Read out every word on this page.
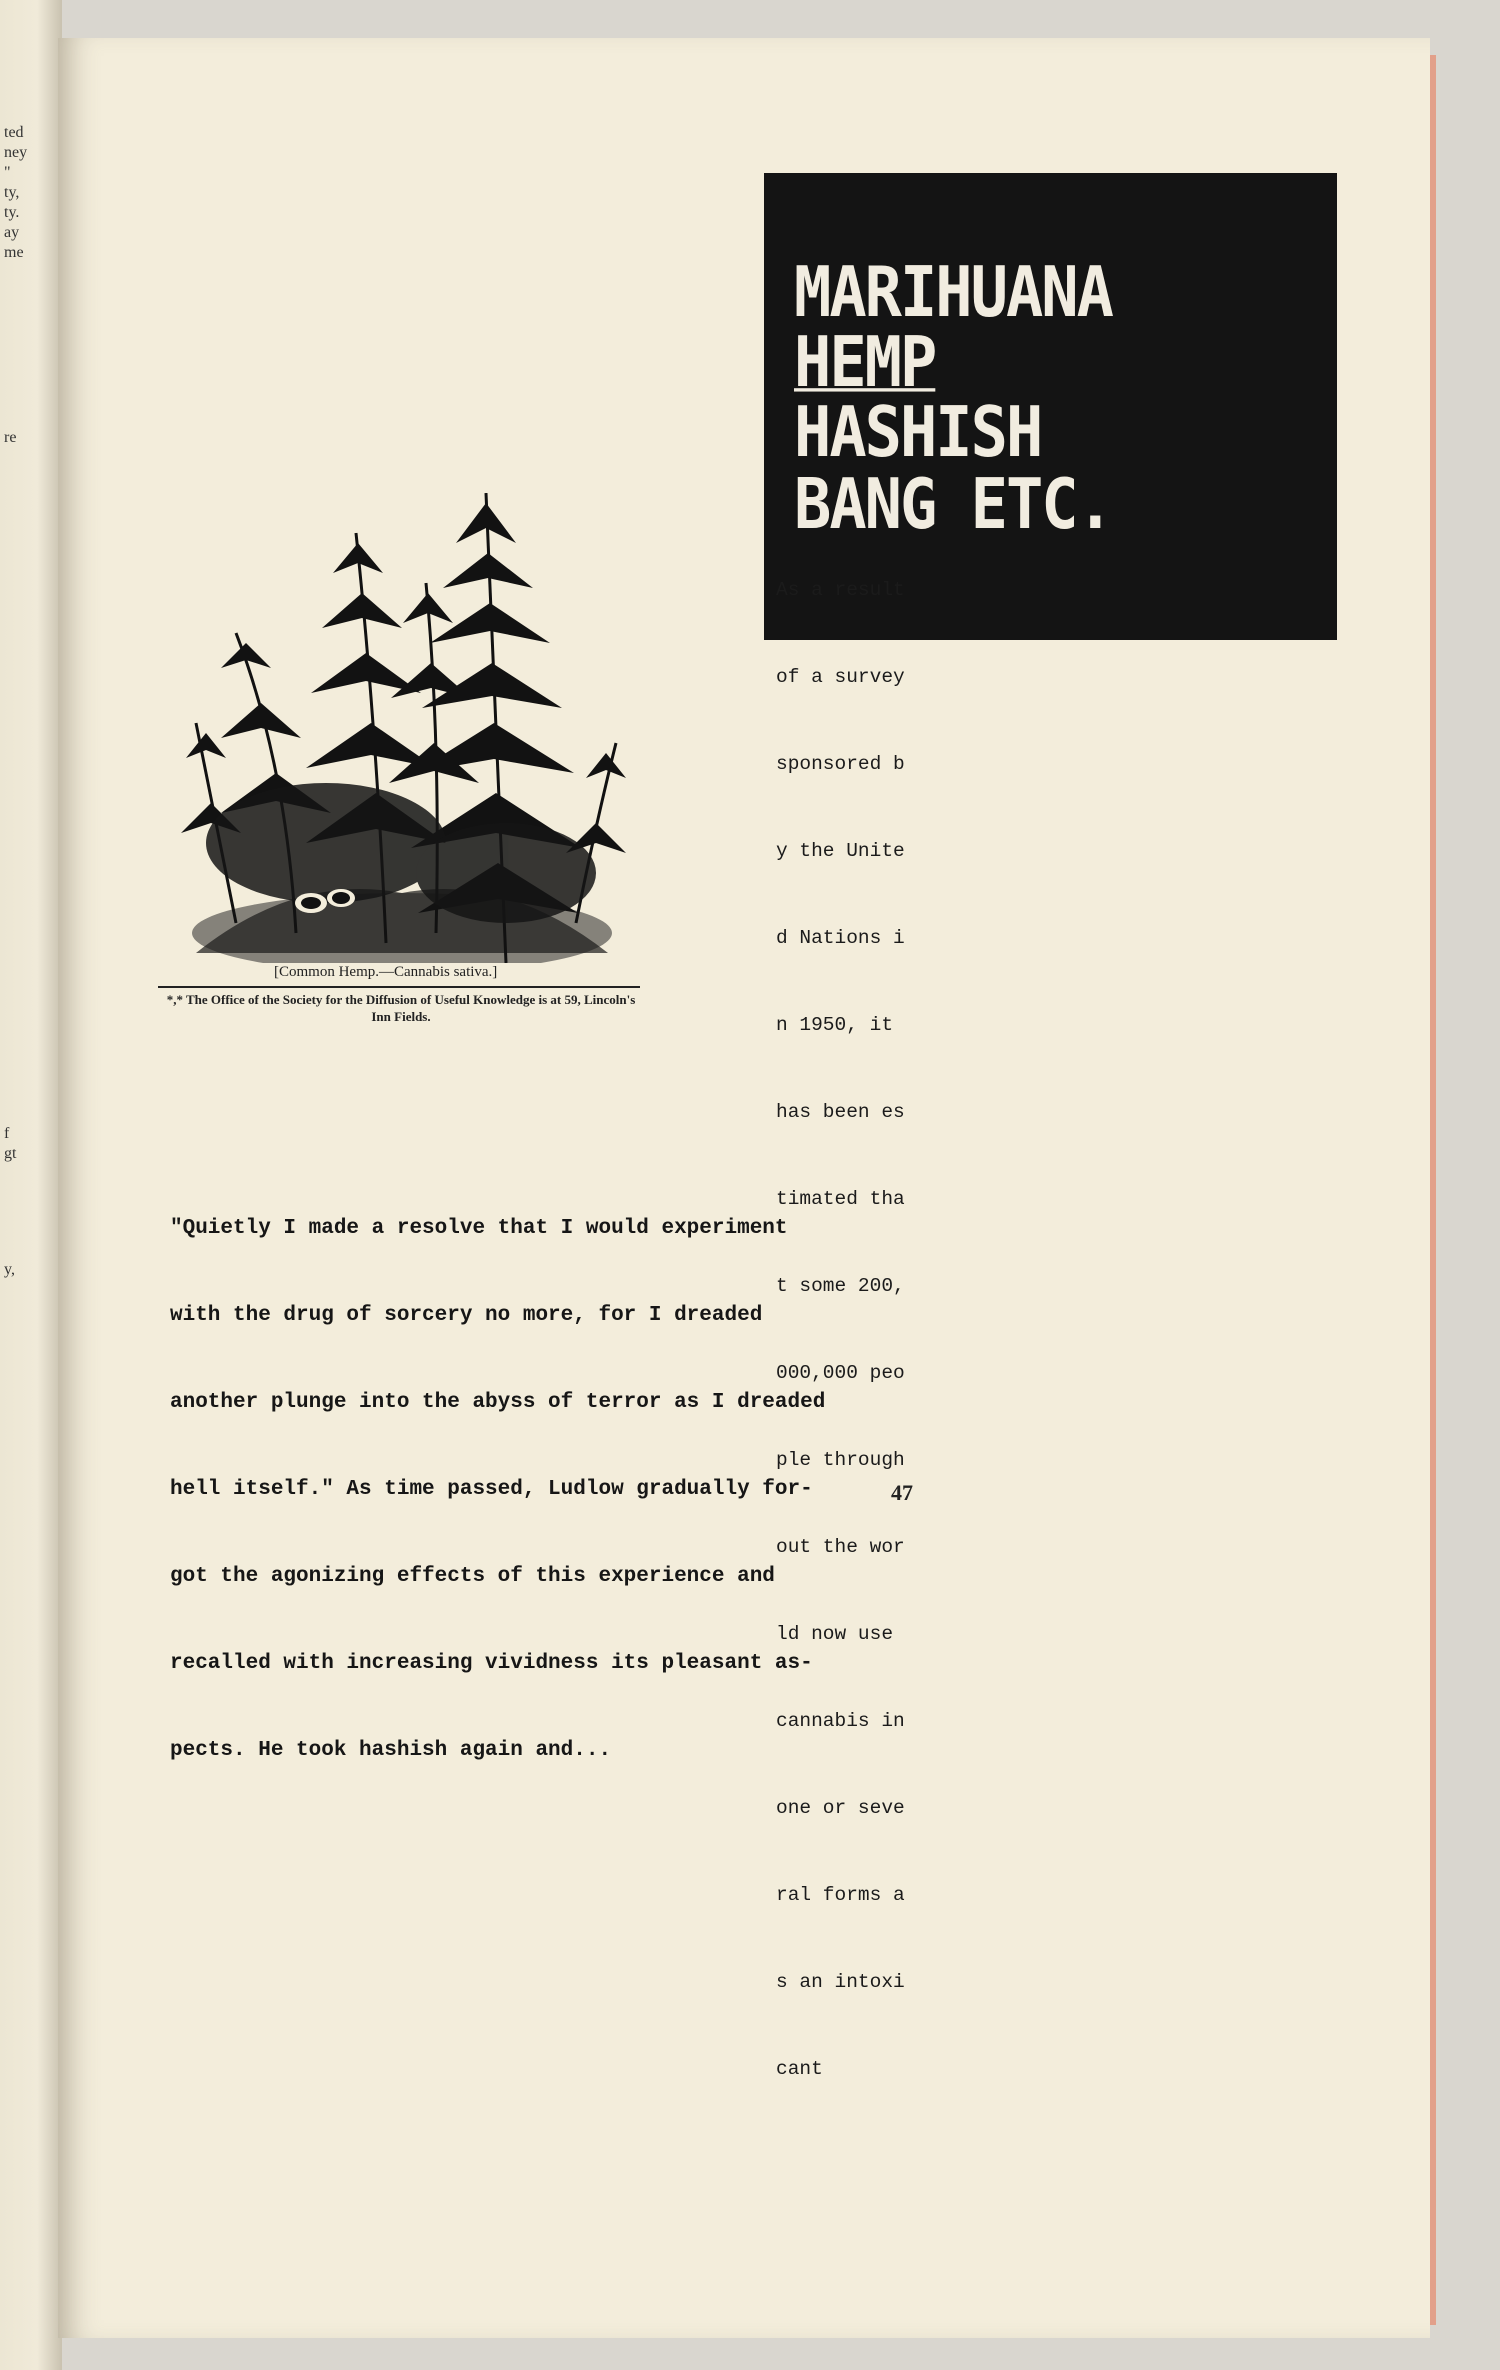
ted
ney
"
ty,
ty.
ay
me
re
f
gt
y,
MARIHUANA
HEMP
HASHISH
BANG ETC.
[Common Hemp.—Cannabis sativa.]
*,* The Office of the Society for the Diffusion of Useful Knowledge is at 59, Lincoln's Inn Fields.

As a result

of a survey

sponsored b

y the Unite

d Nations i

n 1950, it

has been es

timated tha

t some 200,

000,000 peo

ple through

out the wor

ld now use

cannabis in

one or seve

ral forms a

s an intoxi

cant

"Quietly I made a resolve that I would experiment

with the drug of sorcery no more, for I dreaded

another plunge into the abyss of terror as I dreaded

hell itself." As time passed, Ludlow gradually for-

got the agonizing effects of this experience and

recalled with increasing vividness its pleasant as-

pects. He took hashish again and...

47
